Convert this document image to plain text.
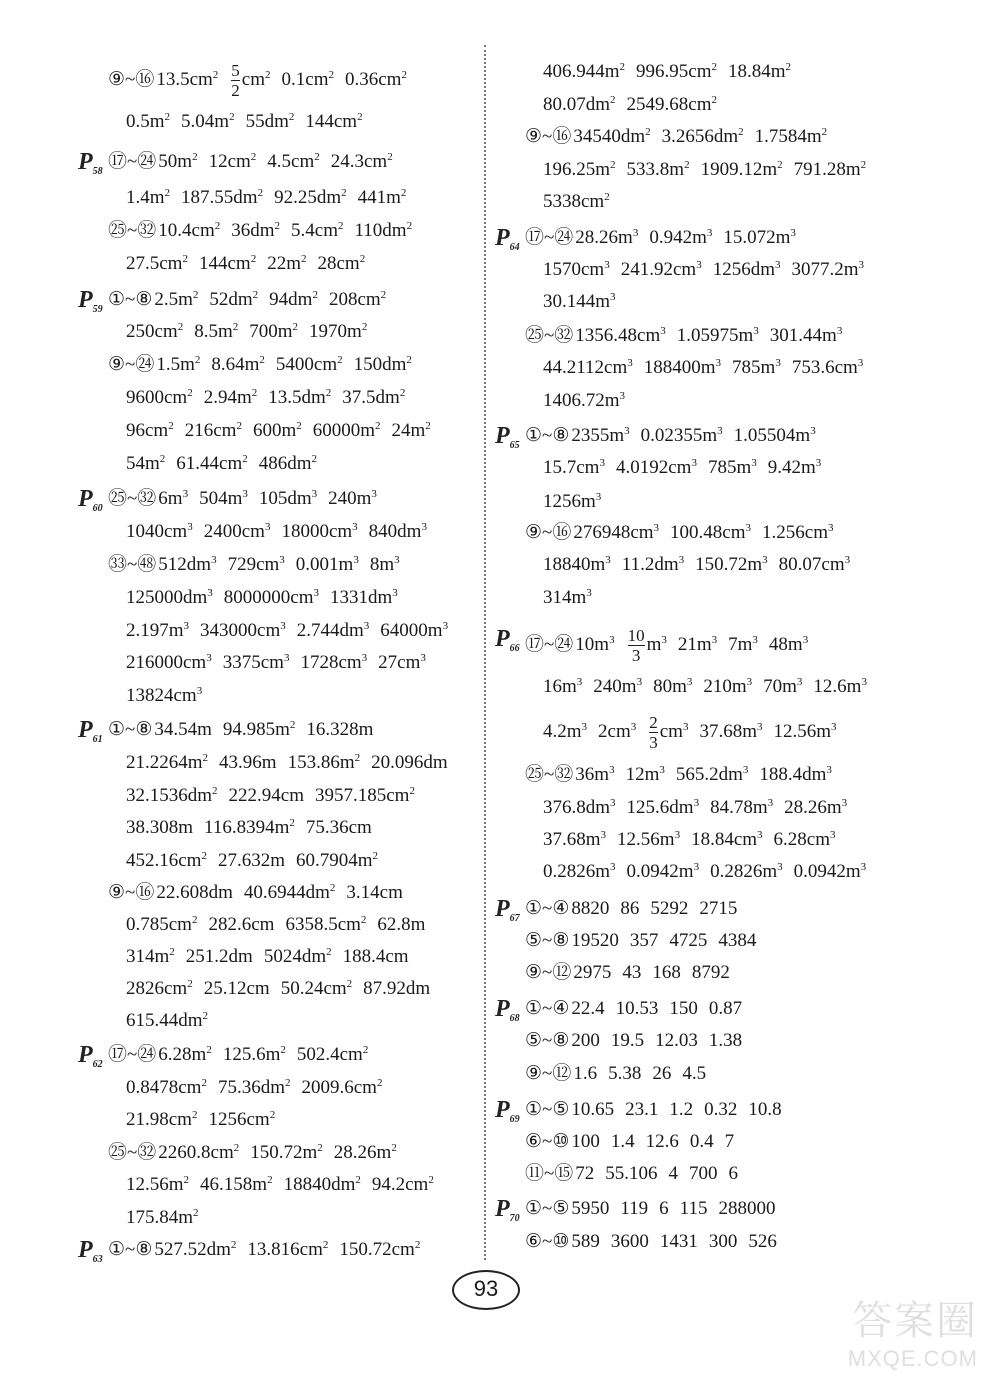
⑨~⑯ $13.5cm^2 \frac{5}{2} cm^2$ $0.1cm^2$ $0.36cm^2$
$0.5m^2$ $5.04m^2$ $55dm^2$ $144cm^2$
$P_{58}$ ⑰~㉔ $50m^2$ $12cm^2$ $4.5cm^2$ $24.3cm^2$
$1.4m^2$ $187.55dm^2$ $92.25dm^2$ $441m^2$
㉕~㉜ $10.4cm^2$ $36dm^2$ $5.4cm^2$ $110dm^2$
$27.5cm^2$ $144cm^2$ $22m^2$ $28cm^2$
$P_{59}$ ①~⑧ $2.5m^2$ $52dm^2$ $94dm^2$ $208cm^2$
$250cm^2$ $8.5m^2$ $700m^2$ $1970m^2$
⑨~㉔ $1.5m^2$ $8.64m^2$ $5400cm^2$ $150dm^2$
$9600cm^2$ $2.94m^2$ $13.5dm^2$ $37.5dm^2$
$96cm^2$ $216cm^2$ $600m^2$ $60000m^2$ $24m^2$
$54m^2$ $61.44cm^2$ $486dm^2$
$P_{60}$ ㉕~㉜ $6m^3$ $504m^3$ $105dm^3$ $240m^3$
$1040cm^3$ $2400cm^3$ $18000cm^3$ $840dm^3$
㉝~㊽ $512dm^3$ $729cm^3$ $0.001m^3$ $8m^3$
$125000dm^3$ $8000000cm^3$ $1331dm^3$
$2.197m^3$ $343000cm^3$ $2.744dm^3$ $64000m^3$
$216000cm^3$ $3375cm^3$ $1728cm^3$ $27cm^3$
$13824cm^3$
$P_{61}$ ①~⑧ 34.54m $94.985m^2$ 16.328m
$21.2264m^2$ 43.96m $153.86m^2$ 20.096dm
$32.1536dm^2$ 222.94cm $3957.185cm^2$
38.308m $116.8394m^2$ 75.36cm
$452.16cm^2$ 27.632m $60.7904m^2$
⑨~⑯ 22.608dm $40.6944dm^2$ 3.14cm
$0.785cm^2$ 282.6cm $6358.5cm^2$ 62.8m
$314m^2$ 251.2dm $5024dm^2$ 188.4cm
$2826cm^2$ 25.12cm $50.24cm^2$ 87.92dm
$615.44dm^2$
$P_{62}$ ⑰~㉔ $6.28m^2$ $125.6m^2$ $502.4cm^2$
$0.8478cm^2$ $75.36dm^2$ $2009.6cm^2$
$21.98cm^2$ $1256cm^2$
㉕~㉜ $2260.8cm^2$ $150.72m^2$ $28.26m^2$
$12.56m^2$ $46.158m^2$ $18840dm^2$ $94.2cm^2$
$175.84m^2$
$P_{63}$ ①~⑧ $527.52dm^2$ $13.816cm^2$ $150.72cm^2$
$406.944m^2$ $996.95cm^2$ $18.84m^2$
$80.07dm^2$ $2549.68cm^2$
⑨~⑯ $34540dm^2$ $3.2656dm^2$ $1.7584m^2$
$196.25m^2$ $533.8m^2$ $1909.12m^2$ $791.28m^2$
$5338cm^2$
$P_{64}$ ⑰~㉔ $28.26m^3$ $0.942m^3$ $15.072m^3$
$1570cm^3$ $241.92cm^3$ $1256dm^3$ $3077.2m^3$
$30.144m^3$
㉕~㉜ $1356.48cm^3$ $1.05975m^3$ $301.44m^3$
$44.2112cm^3$ $188400m^3$ $785m^3$ $753.6cm^3$
$1406.72m^3$
$P_{65}$ ①~⑧ $2355m^3$ $0.02355m^3$ $1.05504m^3$
$15.7cm^3$ $4.0192cm^3$ $785m^3$ $9.42m^3$
$1256m^3$
⑨~⑯ $276948cm^3$ $100.48cm^3$ $1.256cm^3$
$18840m^3$ $11.2dm^3$ $150.72m^3$ $80.07cm^3$
$314m^3$
$P_{66}$ ⑰~㉔ $10m^3 \frac{10}{3} m^3$ $21m^3$ $7m^3$ $48m^3$
$16m^3$ $240m^3$ $80m^3$ $210m^3$ $70m^3$ $12.6m^3$
$4.2m^3$ $2cm^3 \frac{2}{3} cm^3$ $37.68m^3$ $12.56m^3$
㉕~㉜ $36m^3$ $12m^3$ $565.2dm^3$ $188.4dm^3$
$376.8dm^3$ $125.6dm^3$ $84.78m^3$ $28.26m^3$
$37.68m^3$ $12.56m^3$ $18.84cm^3$ $6.28cm^3$
$0.2826m^3$ $0.0942m^3$ $0.2826m^3$ $0.0942m^3$
$P_{67}$ ①~④ 8820 86 5292 2715
⑤~⑧ 19520 357 4725 4384
⑨~⑫ 2975 43 168 8792
$P_{68}$ ①~④ 22.4 10.53 150 0.87
⑤~⑧ 200 19.5 12.03 1.38
⑨~⑫ 1.6 5.38 26 4.5
$P_{69}$ ①~⑤ 10.65 23.1 1.2 0.32 10.8
⑥~⑩ 100 1.4 12.6 0.4 7
⑪~⑮ 72 55.106 4 700 6
$P_{70}$ ①~⑤ 5950 119 6 115 288000
⑥~⑩ 589 3600 1431 300 526
93
答案圈
MXQE.COM
